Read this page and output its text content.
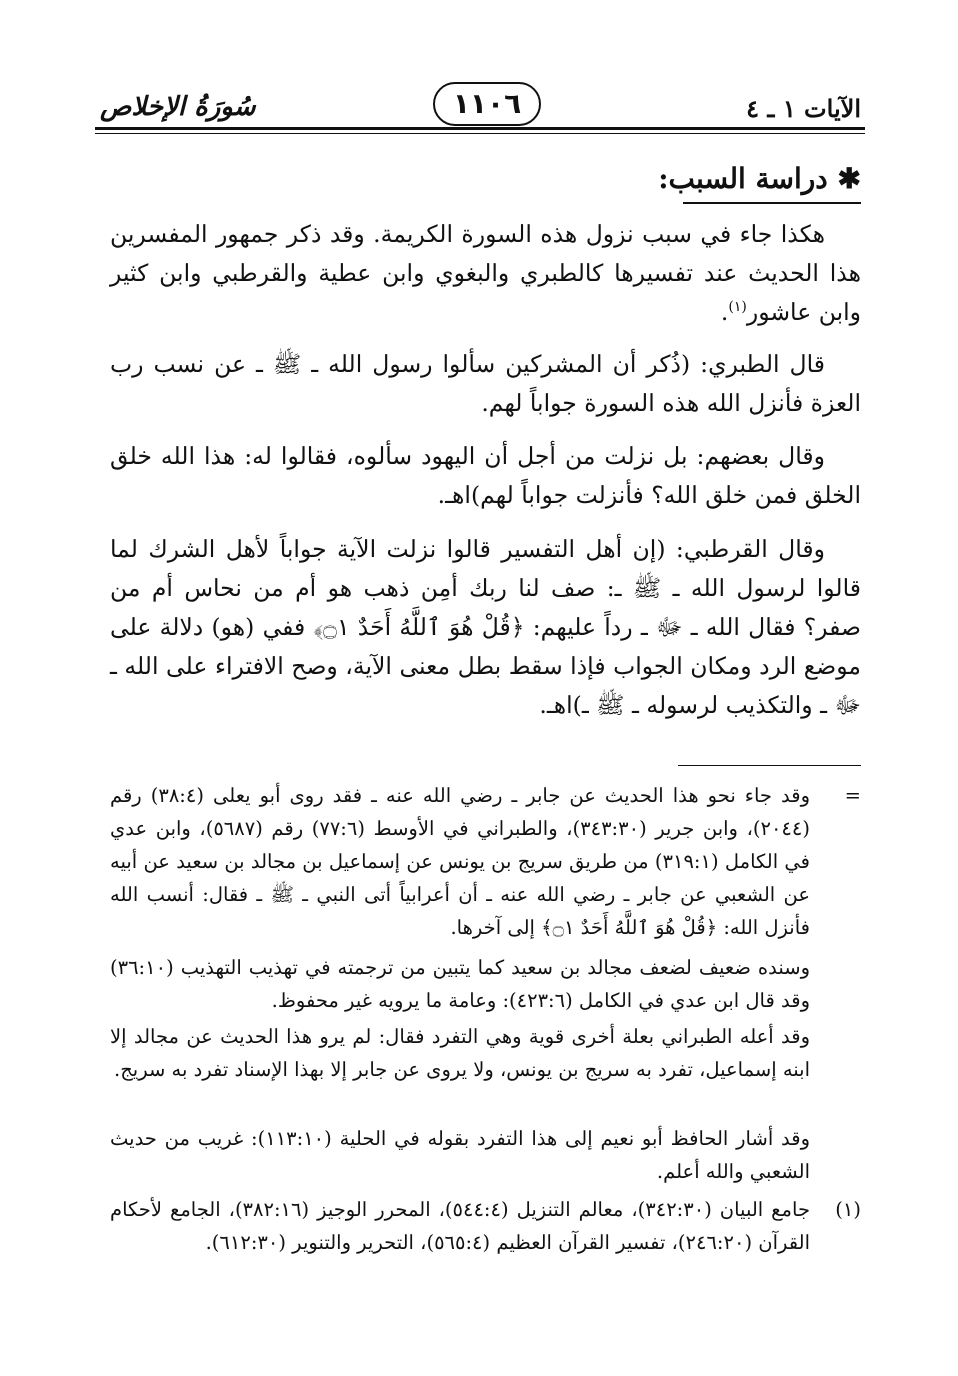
الآيات ١ ـ ٤
١١٠٦
سُورَةُ الإخلاص
✱ دراسة السبب:

هكذا جاء في سبب نزول هذه السورة الكريمة. وقد ذكر جمهور المفسرين هذا الحديث عند تفسيرها كالطبري والبغوي وابن عطية والقرطبي وابن كثير وابن عاشور$^{(١)}$.

قال الطبري: (ذُكر أن المشركين سألوا رسول الله ـ ﷺ ـ عن نسب رب العزة فأنزل الله هذه السورة جواباً لهم.

وقال بعضهم: بل نزلت من أجل أن اليهود سألوه، فقالوا له: هذا الله خلق الخلق فمن خلق الله؟ فأنزلت جواباً لهم)اهـ.

وقال القرطبي: (إن أهل التفسير قالوا نزلت الآية جواباً لأهل الشرك لما قالوا لرسول الله ـ ﷺ ـ: صف لنا ربك أمِن ذهب هو أم من نحاس أم من صفر؟ فقال الله ـ ﷻ ـ رداً عليهم: ﴿قُلْ هُوَ ٱللَّهُ أَحَدٌ ۝١﴾ ففي (هو) دلالة على موضع الرد ومكان الجواب فإذا سقط بطل معنى الآية، وصح الافتراء على الله ـ ﷻ ـ والتكذيب لرسوله ـ ﷺ ـ)اهـ.

=

وقد جاء نحو هذا الحديث عن جابر ـ رضي الله عنه ـ فقد روى أبو يعلى (٣٨:٤) رقم (٢٠٤٤)، وابن جرير (٣٤٣:٣٠)، والطبراني في الأوسط (٧٧:٦) رقم (٥٦٨٧)، وابن عدي في الكامل (٣١٩:١) من طريق سريج بن يونس عن إسماعيل بن مجالد بن سعيد عن أبيه عن الشعبي عن جابر ـ رضي الله عنه ـ أن أعرابياً أتى النبي ـ ﷺ ـ فقال: أنسب الله فأنزل الله: ﴿قُلْ هُوَ ٱللَّهُ أَحَدٌ ۝١﴾ إلى آخرها.

وسنده ضعيف لضعف مجالد بن سعيد كما يتبين من ترجمته في تهذيب التهذيب (٣٦:١٠) وقد قال ابن عدي في الكامل (٤٢٣:٦): وعامة ما يرويه غير محفوظ.

وقد أعله الطبراني بعلة أخرى قوية وهي التفرد فقال: لم يرو هذا الحديث عن مجالد إلا ابنه إسماعيل، تفرد به سريج بن يونس، ولا يروى عن جابر إلا بهذا الإسناد تفرد به سريج.

وقد أشار الحافظ أبو نعيم إلى هذا التفرد بقوله في الحلية (١١٣:١٠): غريب من حديث الشعبي والله أعلم.

(١)

جامع البيان (٣٤٢:٣٠)، معالم التنزيل (٥٤٤:٤)، المحرر الوجيز (٣٨٢:١٦)، الجامع لأحكام القرآن (٢٤٦:٢٠)، تفسير القرآن العظيم (٥٦٥:٤)، التحرير والتنوير (٦١٢:٣٠).
